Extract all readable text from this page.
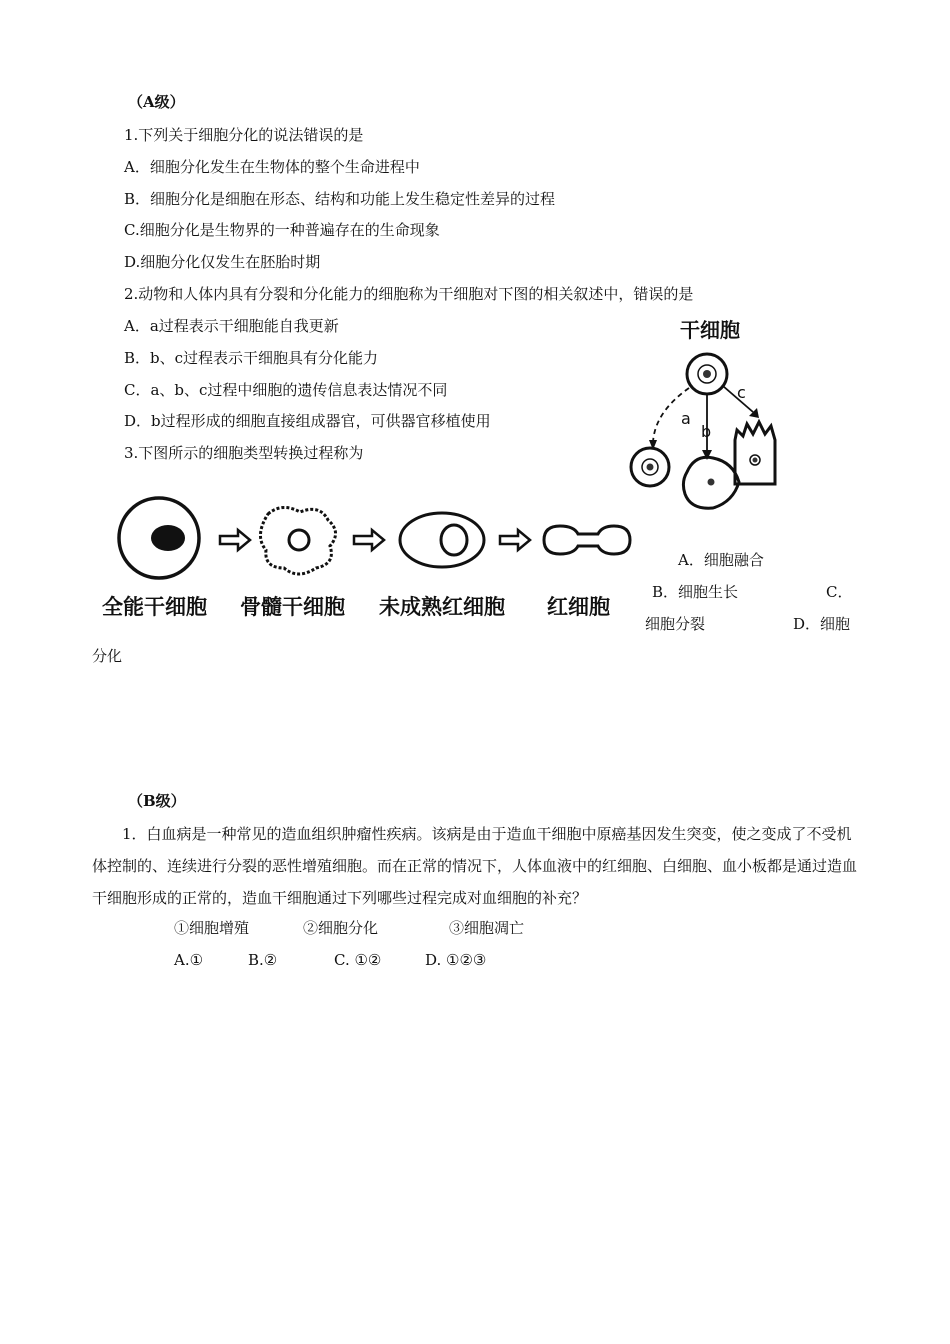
（A级）
1.下列关于细胞分化的说法错误的是
A．细胞分化发生在生物体的整个生命进程中
B．细胞分化是细胞在形态、结构和功能上发生稳定性差异的过程
C.细胞分化是生物界的一种普遍存在的生命现象
D.细胞分化仅发生在胚胎时期
2.动物和人体内具有分裂和分化能力的细胞称为干细胞对下图的相关叙述中，错误的是
A．a过程表示干细胞能自我更新
B．b、c过程表示干细胞具有分化能力
C．a、b、c过程中细胞的遗传信息表达情况不同
D．b过程形成的细胞直接组成器官，可供器官移植使用
干细胞
a
b
c
3.下图所示的细胞类型转换过程称为
全能干细胞 骨髓干细胞 未成熟红细胞 红细胞
A．细胞融合
B．细胞生长	C．
细胞分裂	D．细胞
分化
（B级）
1．白血病是一种常见的造血组织肿瘤性疾病。该病是由于造血干细胞中原癌基因发生突变，使之变成了不受机体控制的、连续进行分裂的恶性增殖细胞。而在正常的情况下，人体血液中的红细胞、白细胞、血小板都是通过造血干细胞形成的正常的，造血干细胞通过下列哪些过程完成对血细胞的补充？
①细胞增殖	②细胞分化	③细胞凋亡
A.①	B.②	C. ①②	D. ①②③
